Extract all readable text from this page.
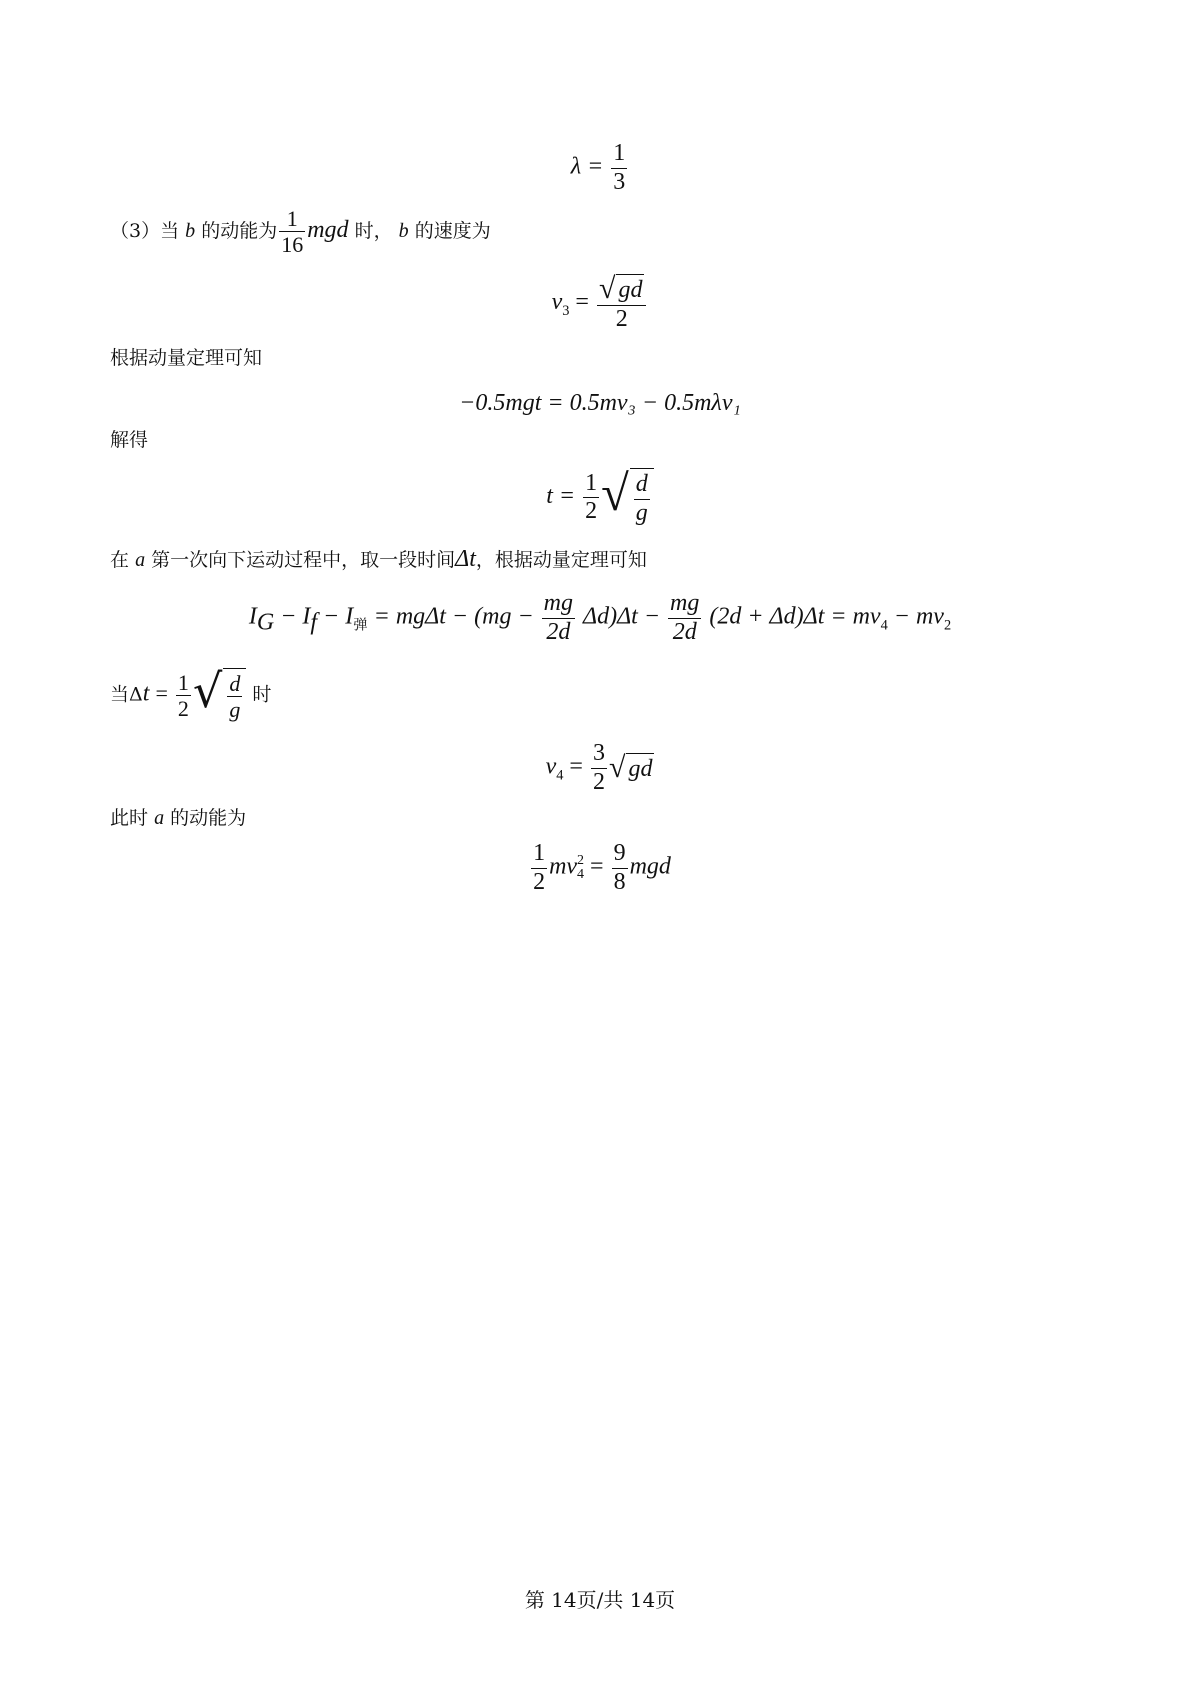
$\lambda = \frac{1}{3}$
（3）当 b 的动能为 $\frac{1}{16}$ mgd 时， b 的速度为
$v_3 = \frac{√ gd}{2}$
根据动量定理可知
−0.5mgt = 0.5mv₃ − 0.5mλv₁
解得
$t = \frac{1}{2}$ √ $\frac{d}{g}$
在 a 第一次向下运动过程中，取一段时间Δt，根据动量定理可知
$I_G - I_f - I_弹 = mg\Delta t - (mg - \frac{mg}{2d} \Delta d)\Delta t - \frac{mg}{2d} (2d + \Delta d)\Delta t = mv_4 - mv_2$
当$\Delta t = \frac{1}{2}$ √ $\frac{d}{g}$ 时
$v_4 = \frac{3}{2}$ √ gd
此时 a 的动能为
$\frac{1}{2}$ mv 2
$4 = \frac{9}{8}$ mgd
第 14页/共 14页
